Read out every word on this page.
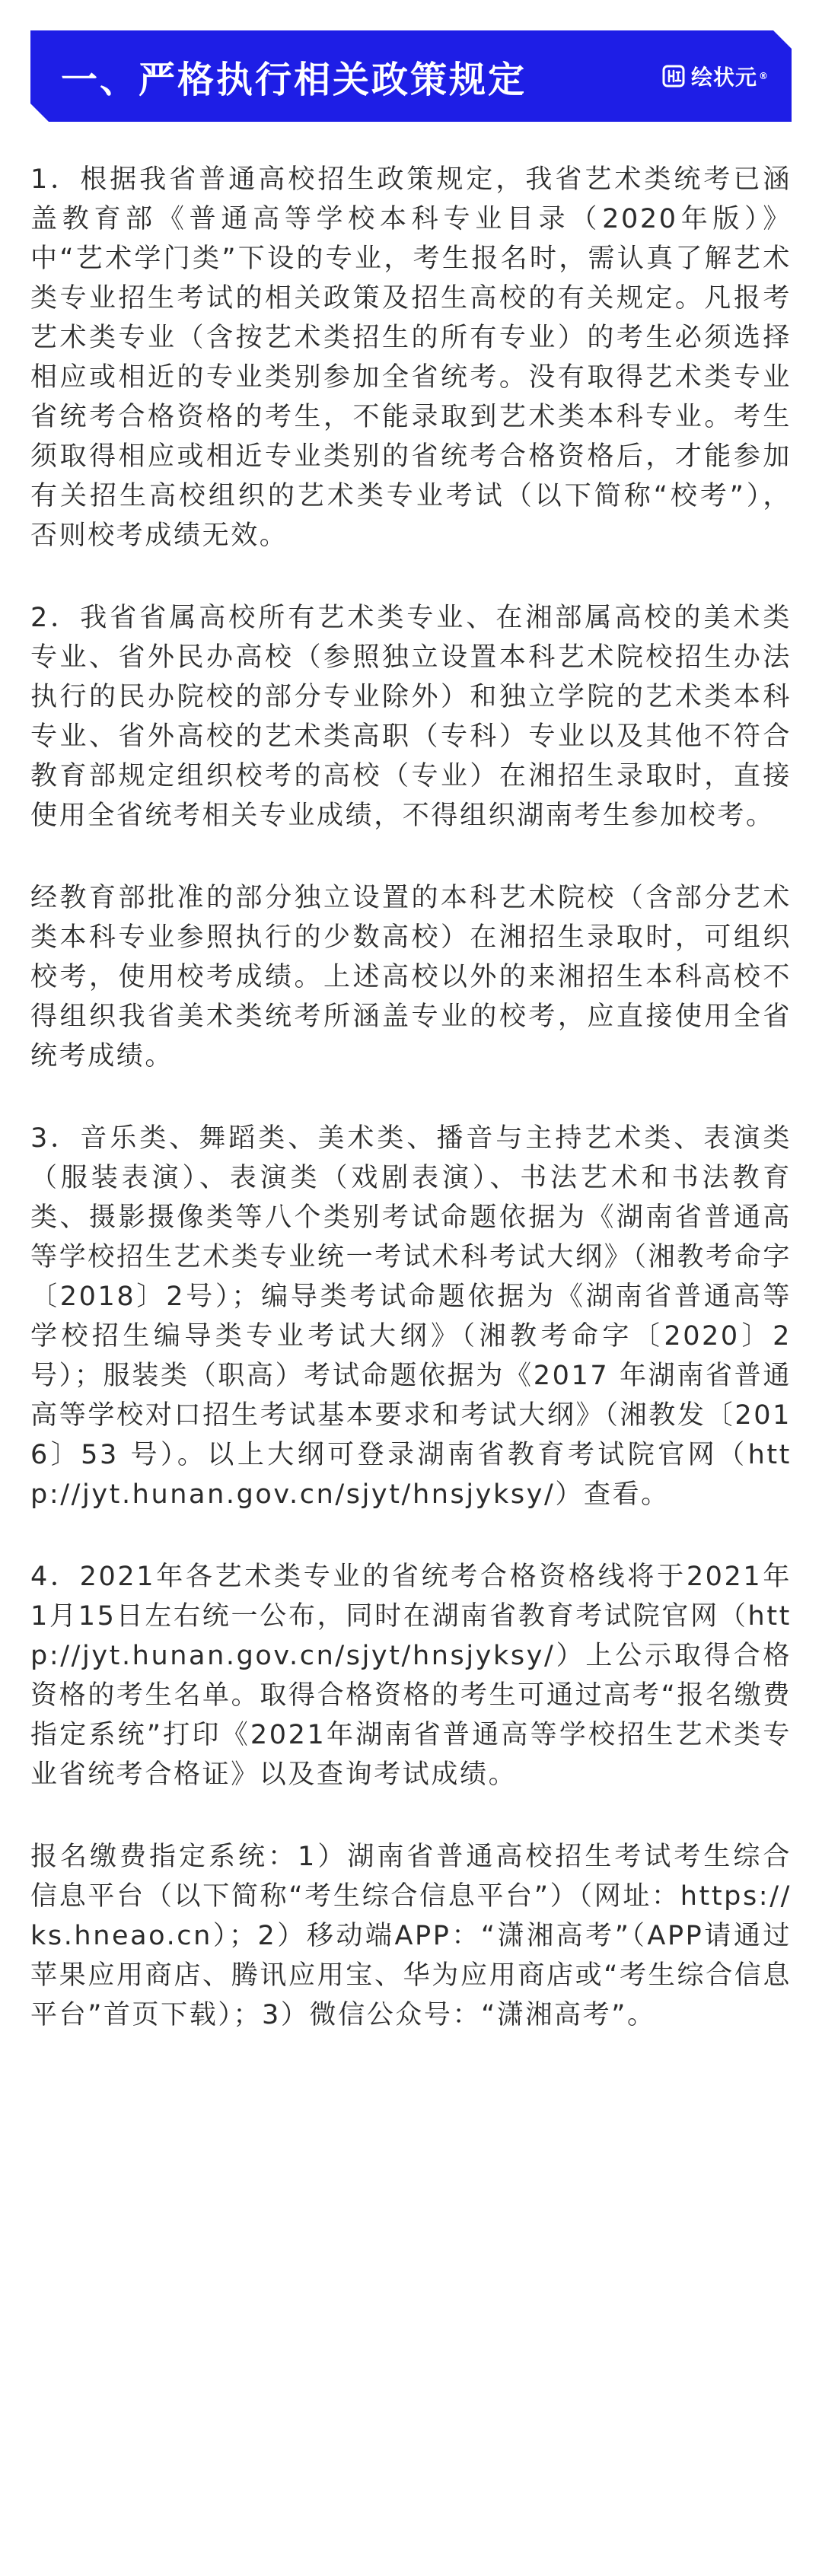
一、严格执行相关政策规定	绘状元 ®

1．根据我省普通高校招生政策规定，我省艺术类统考已涵盖教育部《普通高等学校本科专业目录（2020年版）》中“艺术学门类”下设的专业，考生报名时，需认真了解艺术类专业招生考试的相关政策及招生高校的有关规定。凡报考艺术类专业（含按艺术类招生的所有专业）的考生必须选择相应或相近的专业类别参加全省统考。没有取得艺术类专业省统考合格资格的考生，不能录取到艺术类本科专业。考生须取得相应或相近专业类别的省统考合格资格后，才能参加有关招生高校组织的艺术类专业考试（以下简称“校考”），否则校考成绩无效。

2．我省省属高校所有艺术类专业、在湘部属高校的美术类专业、省外民办高校（参照独立设置本科艺术院校招生办法执行的民办院校的部分专业除外）和独立学院的艺术类本科专业、省外高校的艺术类高职（专科）专业以及其他不符合教育部规定组织校考的高校（专业）在湘招生录取时，直接使用全省统考相关专业成绩，不得组织湖南考生参加校考。

经教育部批准的部分独立设置的本科艺术院校（含部分艺术类本科专业参照执行的少数高校）在湘招生录取时，可组织校考，使用校考成绩。上述高校以外的来湘招生本科高校不得组织我省美术类统考所涵盖专业的校考，应直接使用全省统考成绩。

3．音乐类、舞蹈类、美术类、播音与主持艺术类、表演类（服装表演）、表演类（戏剧表演）、书法艺术和书法教育类、摄影摄像类等八个类别考试命题依据为《湖南省普通高等学校招生艺术类专业统一考试术科考试大纲》（湘教考命字〔2018〕2号）；编导类考试命题依据为《湖南省普通高等学校招生编导类专业考试大纲》（湘教考命字〔2020〕2号）；服装类（职高）考试命题依据为《2017 年湖南省普通高等学校对口招生考试基本要求和考试大纲》（湘教发〔2016〕53 号）。以上大纲可登录湖南省教育考试院官网（http://jyt.hunan.gov.cn/sjyt/hnsjyksy/）查看。

4．2021年各艺术类专业的省统考合格资格线将于2021年1月15日左右统一公布，同时在湖南省教育考试院官网（http://jyt.hunan.gov.cn/sjyt/hnsjyksy/）上公示取得合格资格的考生名单。取得合格资格的考生可通过高考“报名缴费指定系统”打印《2021年湖南省普通高等学校招生艺术类专业省统考合格证》以及查询考试成绩。

报名缴费指定系统：1）湖南省普通高校招生考试考生综合信息平台（以下简称“考生综合信息平台”）（网址：https://ks.hneao.cn）；2）移动端APP：“潇湘高考”（APP请通过苹果应用商店、腾讯应用宝、华为应用商店或“考生综合信息平台”首页下载）；3）微信公众号：“潇湘高考”。
